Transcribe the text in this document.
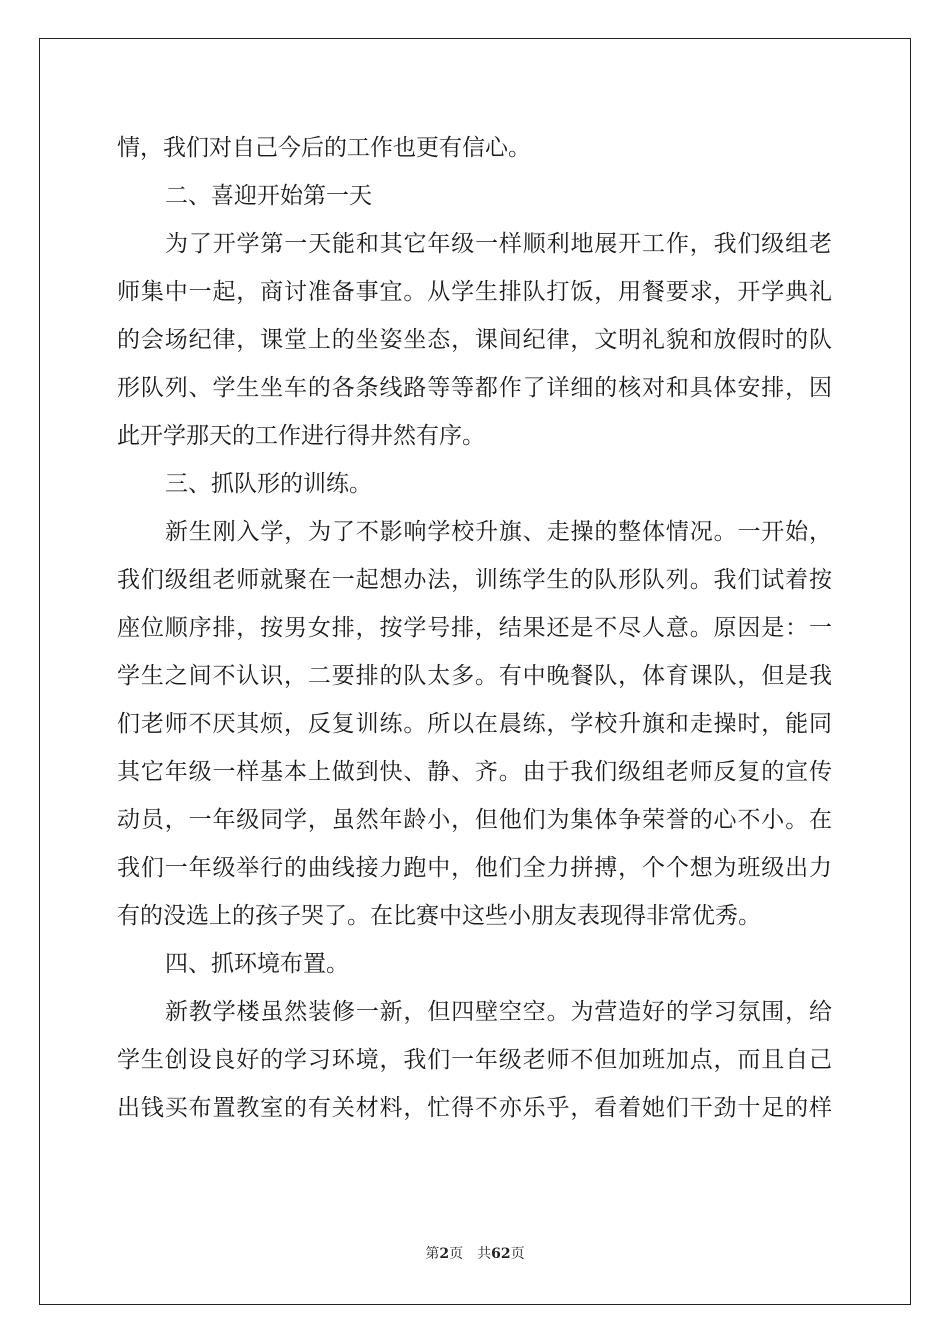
情，我们对自己今后的工作也更有信心。
二、喜迎开始第一天
为了开学第一天能和其它年级一样顺利地展开工作，我们级组老
师集中一起，商讨准备事宜。从学生排队打饭，用餐要求，开学典礼
的会场纪律，课堂上的坐姿坐态，课间纪律，文明礼貌和放假时的队
形队列、学生坐车的各条线路等等都作了详细的核对和具体安排，因
此开学那天的工作进行得井然有序。
三、抓队形的训练。
新生刚入学，为了不影响学校升旗、走操的整体情况。一开始，
我们级组老师就聚在一起想办法，训练学生的队形队列。我们试着按
座位顺序排，按男女排，按学号排，结果还是不尽人意。原因是：一
学生之间不认识，二要排的队太多。有中晚餐队，体育课队，但是我
们老师不厌其烦，反复训练。所以在晨练，学校升旗和走操时，能同
其它年级一样基本上做到快、静、齐。由于我们级组老师反复的宣传
动员，一年级同学，虽然年龄小，但他们为集体争荣誉的心不小。在
我们一年级举行的曲线接力跑中，他们全力拼搏，个个想为班级出力
有的没选上的孩子哭了。在比赛中这些小朋友表现得非常优秀。
四、抓环境布置。
新教学楼虽然装修一新，但四壁空空。为营造好的学习氛围，给
学生创设良好的学习环境，我们一年级老师不但加班加点，而且自己
出钱买布置教室的有关材料，忙得不亦乐乎，看着她们干劲十足的样
第2页 共62页
